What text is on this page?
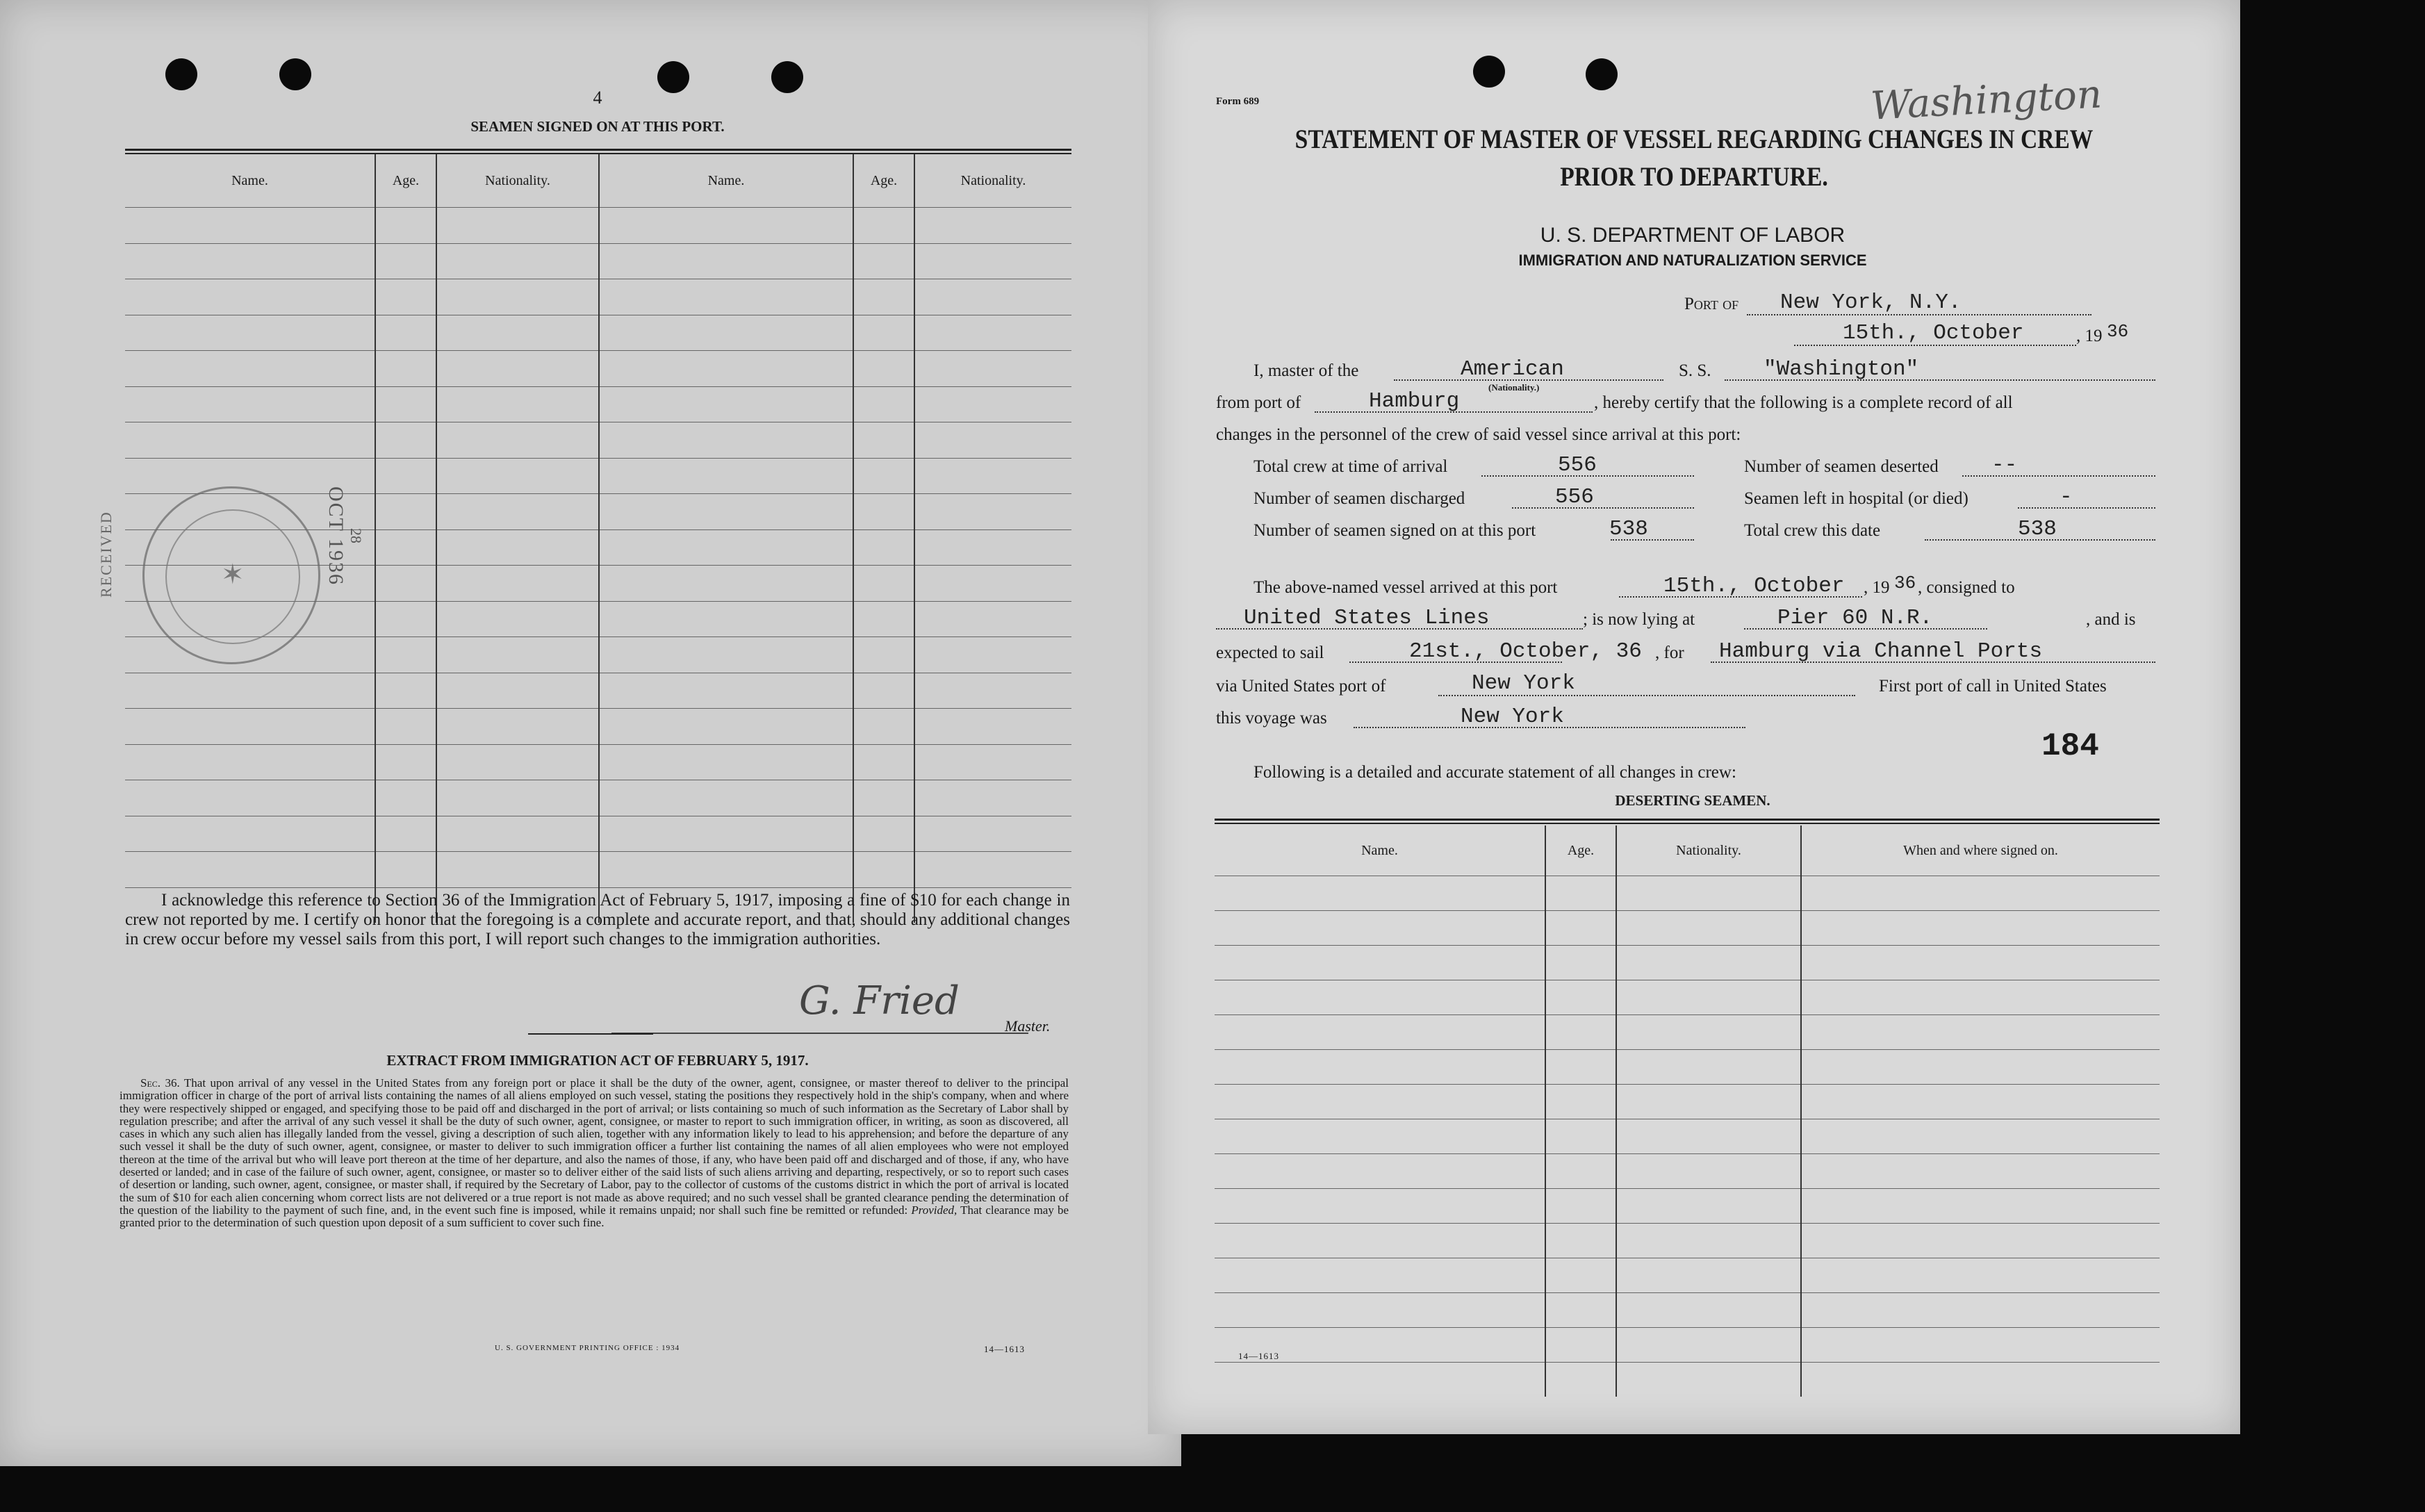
4
SEAMEN SIGNED ON AT THIS PORT.
Name.	Age.	Nationality.	Name.	Age.	Nationality.

✶
RECEIVED	OCT 1936 28
I acknowledge this reference to Section 36 of the Immigration Act of February 5, 1917, imposing a fine of $10 for each change in crew not reported by me. I certify on honor that the foregoing is a complete and accurate report, and that, should any additional changes in crew occur before my vessel sails from this port, I will report such changes to the immigration authorities.
G. Fried
Master.
EXTRACT FROM IMMIGRATION ACT OF FEBRUARY 5, 1917.
Sec. 36. That upon arrival of any vessel in the United States from any foreign port or place it shall be the duty of the owner, agent, consignee, or master thereof to deliver to the principal immigration officer in charge of the port of arrival lists containing the names of all aliens employed on such vessel, stating the positions they respectively hold in the ship's company, when and where they were respectively shipped or engaged, and specifying those to be paid off and discharged in the port of arrival; or lists containing so much of such information as the Secretary of Labor shall by regulation prescribe; and after the arrival of any such vessel it shall be the duty of such owner, agent, consignee, or master to report to such immigration officer, in writing, as soon as discovered, all cases in which any such alien has illegally landed from the vessel, giving a description of such alien, together with any information likely to lead to his apprehension; and before the departure of any such vessel it shall be the duty of such owner, agent, consignee, or master to deliver to such immigration officer a further list containing the names of all alien employees who were not employed thereon at the time of the arrival but who will leave port thereon at the time of her departure, and also the names of those, if any, who have been paid off and discharged and of those, if any, who have deserted or landed; and in case of the failure of such owner, agent, consignee, or master so to deliver either of the said lists of such aliens arriving and departing, respectively, or so to report such cases of desertion or landing, such owner, agent, consignee, or master shall, if required by the Secretary of Labor, pay to the collector of customs of the customs district in which the port of arrival is located the sum of $10 for each alien concerning whom correct lists are not delivered or a true report is not made as above required; and no such vessel shall be granted clearance pending the determination of the question of the liability to the payment of such fine, and, in the event such fine is imposed, while it remains unpaid; nor shall such fine be remitted or refunded: Provided, That clearance may be granted prior to the determination of such question upon deposit of a sum sufficient to cover such fine.
U. S. GOVERNMENT PRINTING OFFICE : 1934	14—1613
Form 689	Washington
STATEMENT OF MASTER OF VESSEL REGARDING CHANGES IN CREW
PRIOR TO DEPARTURE.
U. S. DEPARTMENT OF LABOR
IMMIGRATION AND NATURALIZATION SERVICE
Port of New York, N.Y.
15th., October	, 19 36
I, master of the	American
(Nationality.)
S. S. "Washington"
from port of	Hamburg	, hereby certify that the following is a complete record of all
changes in the personnel of the crew of said vessel since arrival at this port:
Total crew at time of arrival	556	Number of seamen deserted --
Number of seamen discharged	556	Seamen left in hospital (or died)	-
Number of seamen signed on at this port	538	Total crew this date	538
The above-named vessel arrived at this port	15th., October , 19 36 , consigned to
United States Lines	; is now lying at	Pier 60 N.R.	, and is
expected to sail	21st., October, 36 , for Hamburg via Channel Ports
via United States port of	New York	First port of call in United States
this voyage was	New York
Following is a detailed and accurate statement of all changes in crew:
184
DESERTING SEAMEN.
Name.	Age.	Nationality.	When and where signed on.

14—1613
